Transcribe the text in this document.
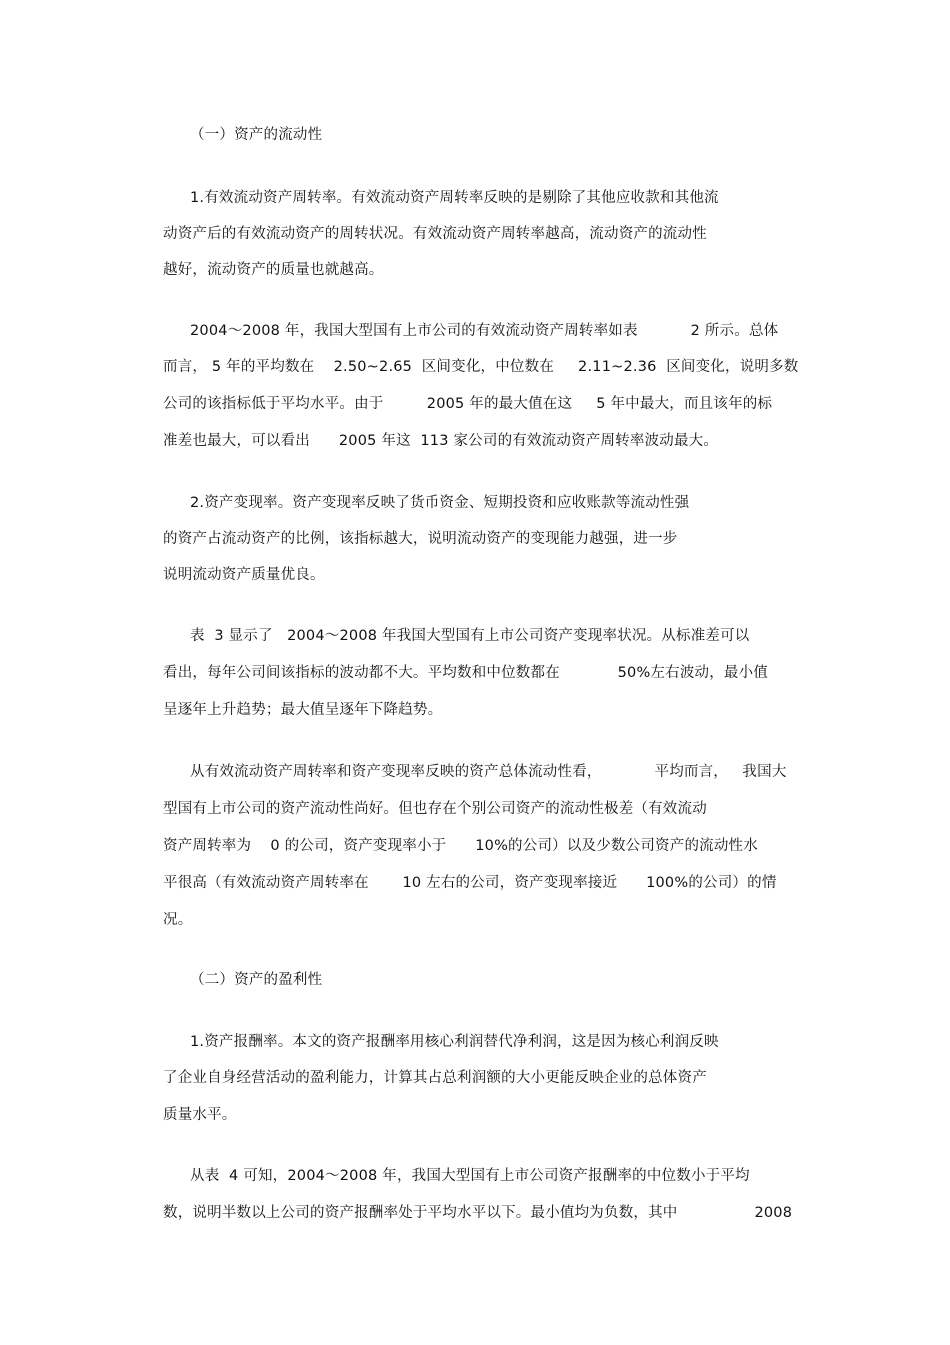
（一）资产的流动性
1.有效流动资产周转率。有效流动资产周转率反映的是剔除了其他应收款和其他流
动资产后的有效流动资产的周转状况。有效流动资产周转率越高，流动资产的流动性
越好，流动资产的质量也就越高。
2004～2008 年，我国大型国有上市公司的有效流动资产周转率如表           2 所示。总体
而言， 5 年的平均数在    2.50~2.65  区间变化，中位数在     2.11~2.36  区间变化，说明多数
公司的该指标低于平均水平。由于         2005 年的最大值在这     5 年中最大，而且该年的标
准差也最大，可以看出      2005 年这  113 家公司的有效流动资产周转率波动最大。
2.资产变现率。资产变现率反映了货币资金、短期投资和应收账款等流动性强
的资产占流动资产的比例，该指标越大，说明流动资产的变现能力越强，进一步
说明流动资产质量优良。
表  3 显示了   2004～2008 年我国大型国有上市公司资产变现率状况。从标准差可以
看出，每年公司间该指标的波动都不大。平均数和中位数都在            50%左右波动，最小值
呈逐年上升趋势；最大值呈逐年下降趋势。
从有效流动资产周转率和资产变现率反映的资产总体流动性看，           平均而言，   我国大
型国有上市公司的资产流动性尚好。但也存在个别公司资产的流动性极差（有效流动
资产周转率为    0 的公司，资产变现率小于      10%的公司）以及少数公司资产的流动性水
平很高（有效流动资产周转率在       10 左右的公司，资产变现率接近      100%的公司）的情
况。
（二）资产的盈利性
1.资产报酬率。本文的资产报酬率用核心利润替代净利润，这是因为核心利润反映
了企业自身经营活动的盈利能力，计算其占总利润额的大小更能反映企业的总体资产
质量水平。
从表  4 可知，2004～2008 年，我国大型国有上市公司资产报酬率的中位数小于平均
数，说明半数以上公司的资产报酬率处于平均水平以下。最小值均为负数，其中                2008
